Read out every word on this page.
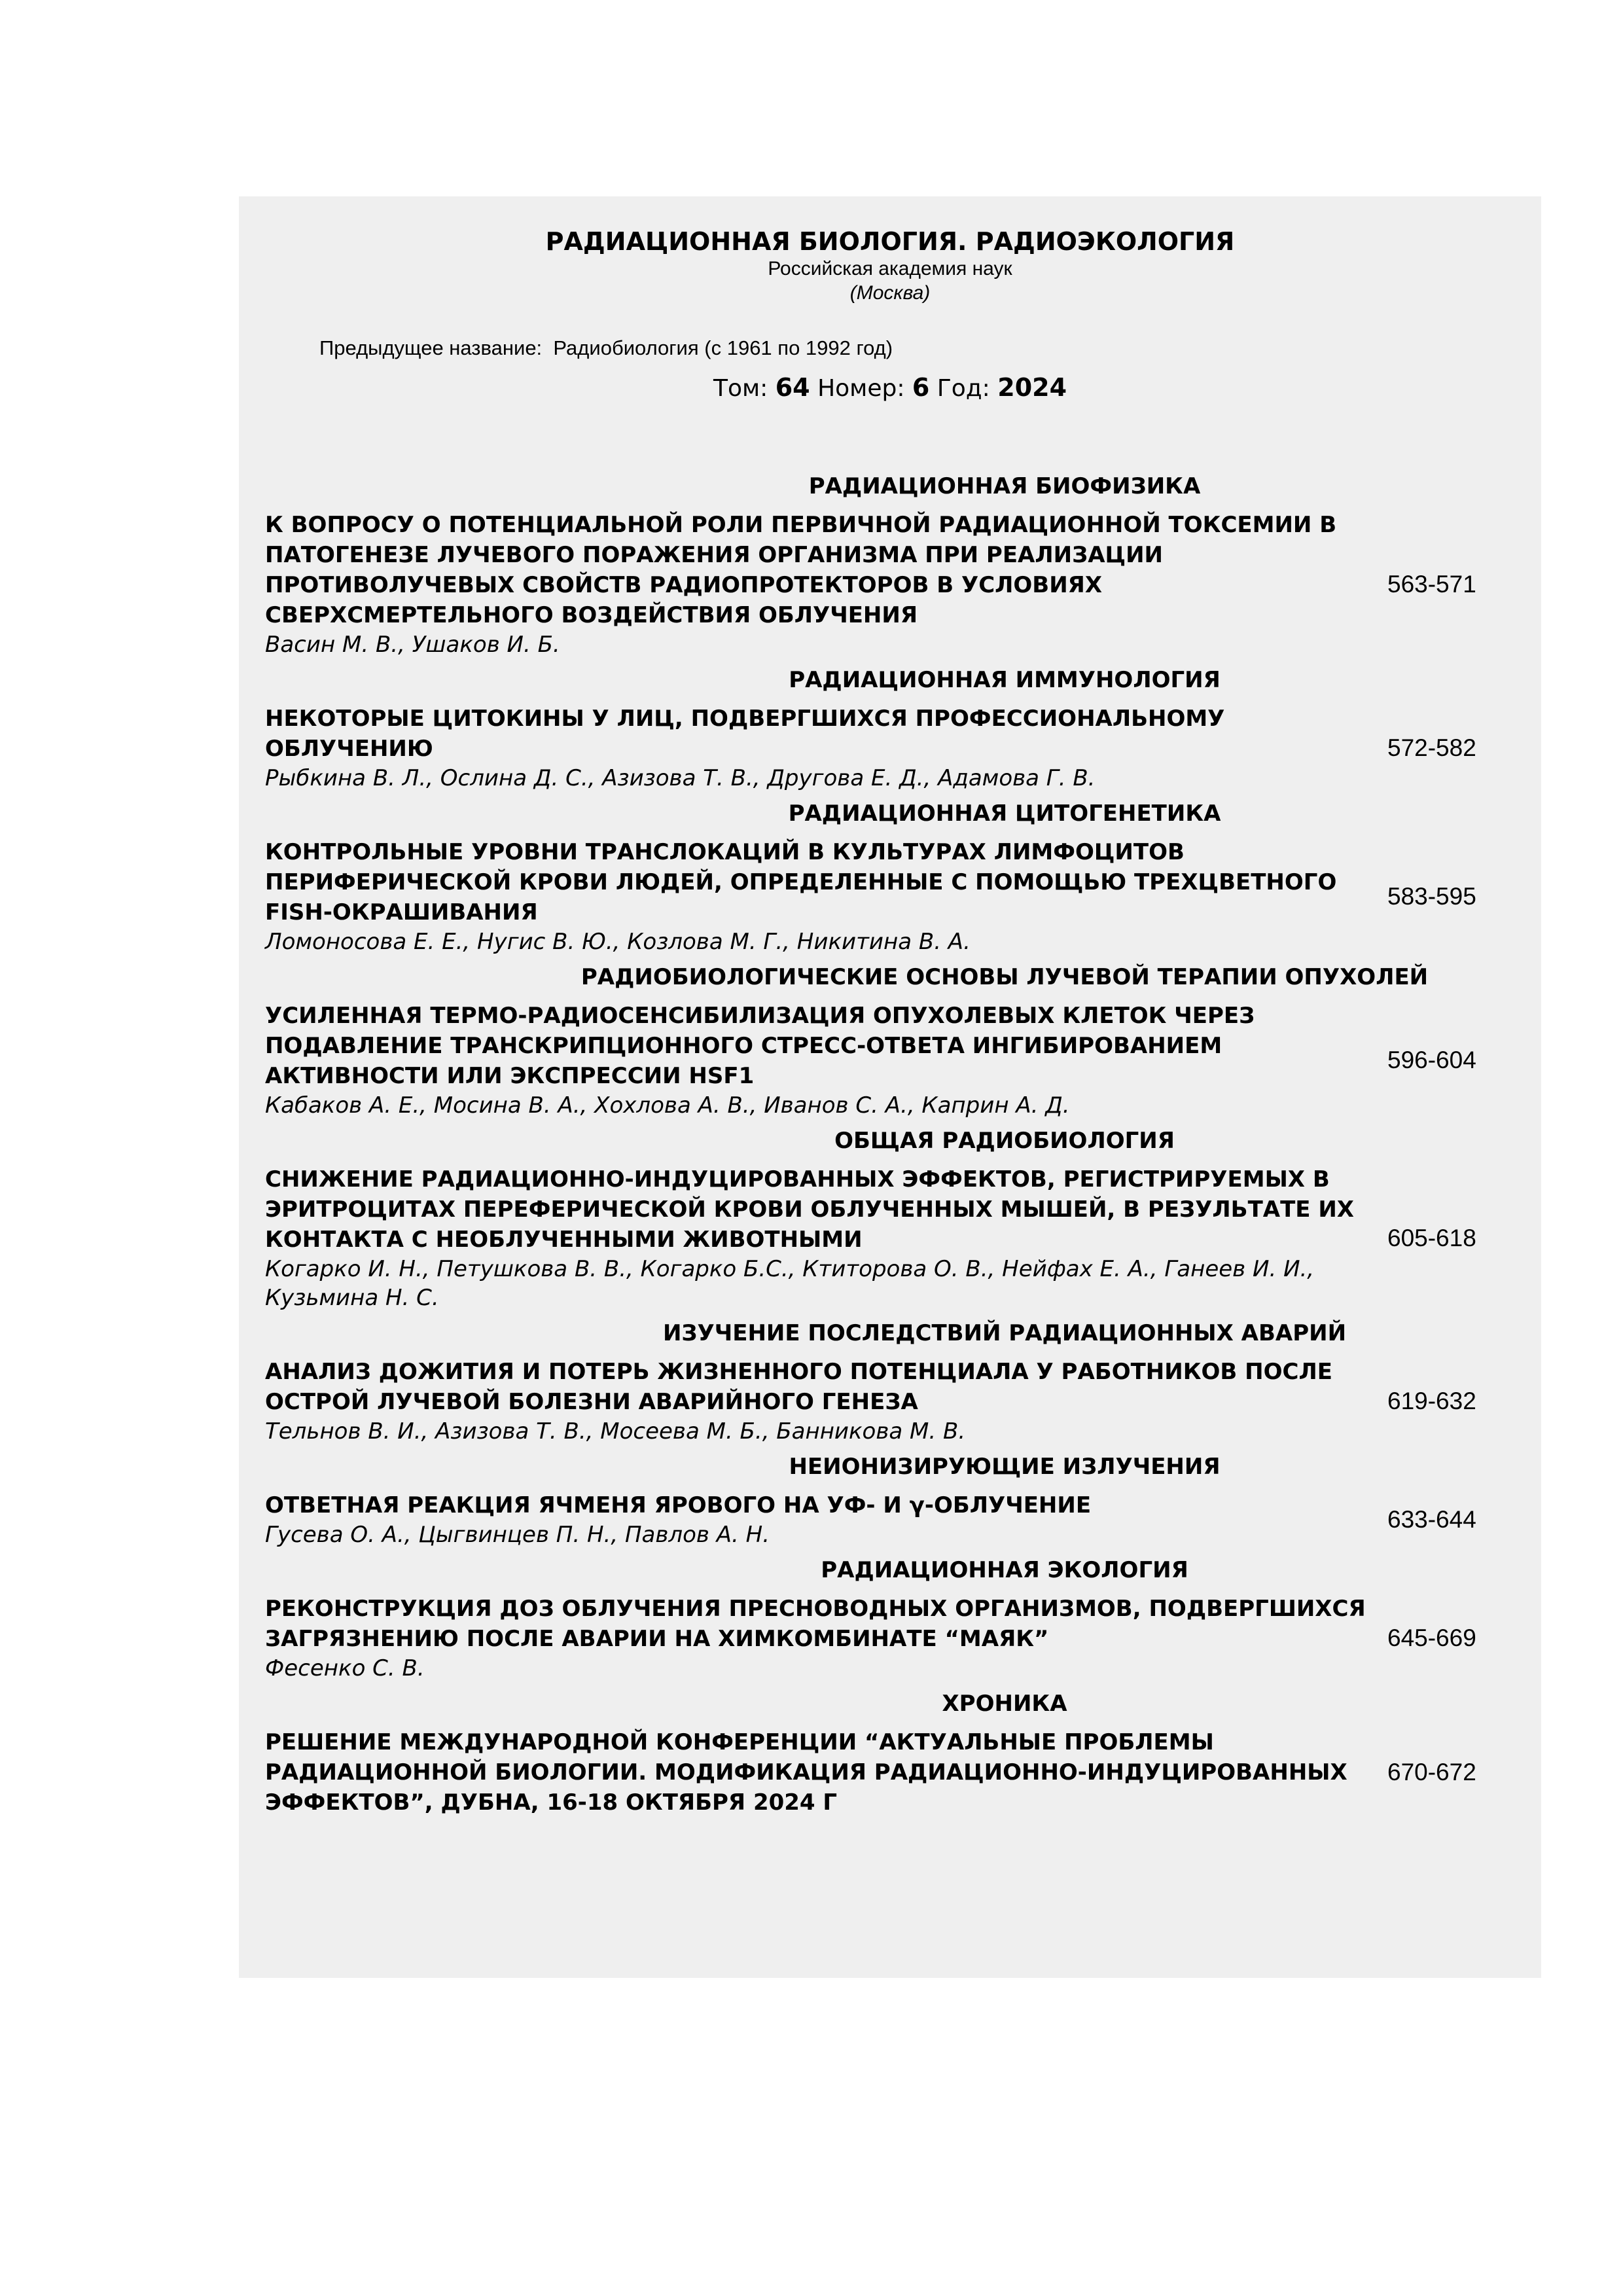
РАДИАЦИОННАЯ БИОЛОГИЯ. РАДИОЭКОЛОГИЯ
Российская академия наук
(Москва)
Предыдущее название: Радиобиология (с 1961 по 1992 год)
Том: 64 Номер: 6 Год: 2024
РАДИАЦИОННАЯ БИОФИЗИКА
К ВОПРОСУ О ПОТЕНЦИАЛЬНОЙ РОЛИ ПЕРВИЧНОЙ РАДИАЦИОННОЙ ТОКСЕМИИ В ПАТОГЕНЕЗЕ ЛУЧЕВОГО ПОРАЖЕНИЯ ОРГАНИЗМА ПРИ РЕАЛИЗАЦИИ ПРОТИВОЛУЧЕВЫХ СВОЙСТВ РАДИОПРОТЕКТОРОВ В УСЛОВИЯХ СВЕРХСМЕРТЕЛЬНОГО ВОЗДЕЙСТВИЯ ОБЛУЧЕНИЯ
Васин М. В., Ушаков И. Б.
563-571
РАДИАЦИОННАЯ ИММУНОЛОГИЯ
НЕКОТОРЫЕ ЦИТОКИНЫ У ЛИЦ, ПОДВЕРГШИХСЯ ПРОФЕССИОНАЛЬНОМУ ОБЛУЧЕНИЮ
Рыбкина В. Л., Ослина Д. С., Азизова Т. В., Другова Е. Д., Адамова Г. В.
572-582
РАДИАЦИОННАЯ ЦИТОГЕНЕТИКА
КОНТРОЛЬНЫЕ УРОВНИ ТРАНСЛОКАЦИЙ В КУЛЬТУРАХ ЛИМФОЦИТОВ ПЕРИФЕРИЧЕСКОЙ КРОВИ ЛЮДЕЙ, ОПРЕДЕЛЕННЫЕ С ПОМОЩЬЮ ТРЕХЦВЕТНОГО FISH-ОКРАШИВАНИЯ
Ломоносова Е. Е., Нугис В. Ю., Козлова М. Г., Никитина В. А.
583-595
РАДИОБИОЛОГИЧЕСКИЕ ОСНОВЫ ЛУЧЕВОЙ ТЕРАПИИ ОПУХОЛЕЙ
УСИЛЕННАЯ ТЕРМО-РАДИОСЕНСИБИЛИЗАЦИЯ ОПУХОЛЕВЫХ КЛЕТОК ЧЕРЕЗ ПОДАВЛЕНИЕ ТРАНСКРИПЦИОННОГО СТРЕСС-ОТВЕТА ИНГИБИРОВАНИЕМ АКТИВНОСТИ ИЛИ ЭКСПРЕССИИ HSF1
Кабаков А. Е., Мосина В. А., Хохлова А. В., Иванов С. А., Каприн А. Д.
596-604
ОБЩАЯ РАДИОБИОЛОГИЯ
СНИЖЕНИЕ РАДИАЦИОННО-ИНДУЦИРОВАННЫХ ЭФФЕКТОВ, РЕГИСТРИРУЕМЫХ В ЭРИТРОЦИТАХ ПЕРЕФЕРИЧЕСКОЙ КРОВИ ОБЛУЧЕННЫХ МЫШЕЙ, В РЕЗУЛЬТАТЕ ИХ КОНТАКТА С НЕОБЛУЧЕННЫМИ ЖИВОТНЫМИ
Когарко И. Н., Петушкова В. В., Когарко Б.С., Ктиторова О. В., Нейфах Е. А., Ганеев И. И., Кузьмина Н. С.
605-618
ИЗУЧЕНИЕ ПОСЛЕДСТВИЙ РАДИАЦИОННЫХ АВАРИЙ
АНАЛИЗ ДОЖИТИЯ И ПОТЕРЬ ЖИЗНЕННОГО ПОТЕНЦИАЛА У РАБОТНИКОВ ПОСЛЕ ОСТРОЙ ЛУЧЕВОЙ БОЛЕЗНИ АВАРИЙНОГО ГЕНЕЗА
Тельнов В. И., Азизова Т. В., Мосеева М. Б., Банникова М. В.
619-632
НЕИОНИЗИРУЮЩИЕ ИЗЛУЧЕНИЯ
ОТВЕТНАЯ РЕАКЦИЯ ЯЧМЕНЯ ЯРОВОГО НА УФ- И γ-ОБЛУЧЕНИЕ
Гусева О. А., Цыгвинцев П. Н., Павлов А. Н.
633-644
РАДИАЦИОННАЯ ЭКОЛОГИЯ
РЕКОНСТРУКЦИЯ ДОЗ ОБЛУЧЕНИЯ ПРЕСНОВОДНЫХ ОРГАНИЗМОВ, ПОДВЕРГШИХСЯ ЗАГРЯЗНЕНИЮ ПОСЛЕ АВАРИИ НА ХИМКОМБИНАТЕ “МАЯК”
Фесенко С. В.
645-669
ХРОНИКА
РЕШЕНИЕ МЕЖДУНАРОДНОЙ КОНФЕРЕНЦИИ “АКТУАЛЬНЫЕ ПРОБЛЕМЫ РАДИАЦИОННОЙ БИОЛОГИИ. МОДИФИКАЦИЯ РАДИАЦИОННО-ИНДУЦИРОВАННЫХ ЭФФЕКТОВ”, ДУБНА, 16-18 ОКТЯБРЯ 2024 Г
670-672
